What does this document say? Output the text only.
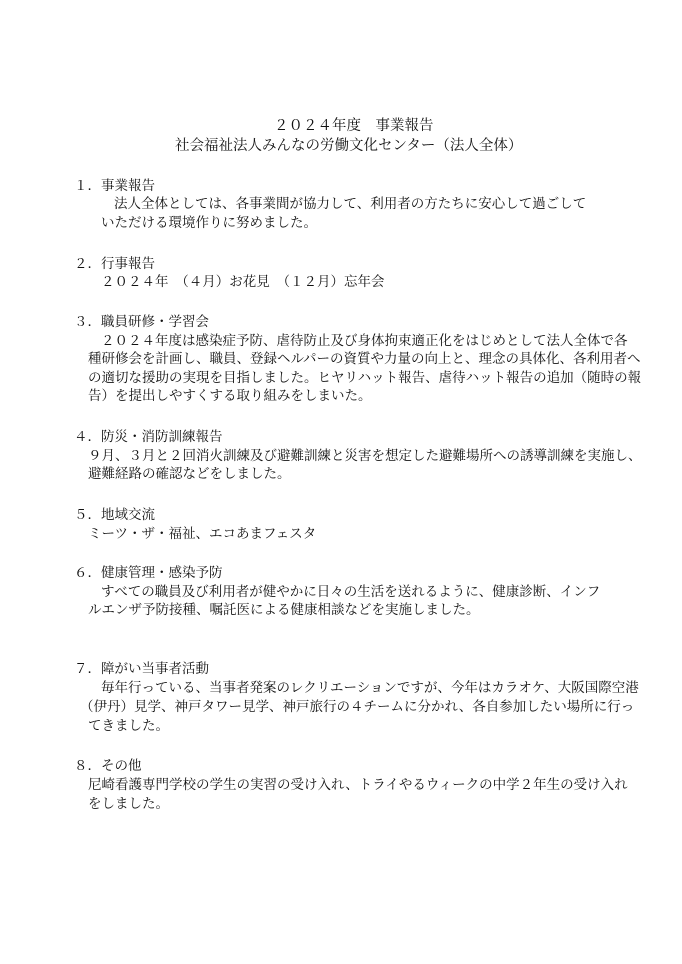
２０２４年度　事業報告
社会福祉法人みんなの労働文化センター（法人全体）
１．事業報告
法人全体としては、各事業間が協力して、利用者の方たちに安心して過ごして
いただける環境作りに努めました。
２．行事報告
２０２４年　（４月）お花見　（１２月）忘年会
３．職員研修・学習会
２０２４年度は感染症予防、虐待防止及び身体拘束適正化をはじめとして法人全体で各
種研修会を計画し、職員、登録ヘルパーの資質や力量の向上と、理念の具体化、各利用者へ
の適切な援助の実現を目指しました。ヒヤリハット報告、虐待ハット報告の追加（随時の報
告）を提出しやすくする取り組みをしまいた。
４．防災・消防訓練報告
９月、３月と２回消火訓練及び避難訓練と災害を想定した避難場所への誘導訓練を実施し、
避難経路の確認などをしました。
５．地域交流
ミーツ・ザ・福祉、エコあまフェスタ
６．健康管理・感染予防
すべての職員及び利用者が健やかに日々の生活を送れるように、健康診断、インフ
ルエンザ予防接種、嘱託医による健康相談などを実施しました。
７．障がい当事者活動
毎年行っている、当事者発案のレクリエーションですが、今年はカラオケ、大阪国際空港
（伊丹）見学、神戸タワー見学、神戸旅行の４チームに分かれ、各自参加したい場所に行っ
てきました。
８．その他
尼崎看護専門学校の学生の実習の受け入れ、トライやるウィークの中学２年生の受け入れ
をしました。
